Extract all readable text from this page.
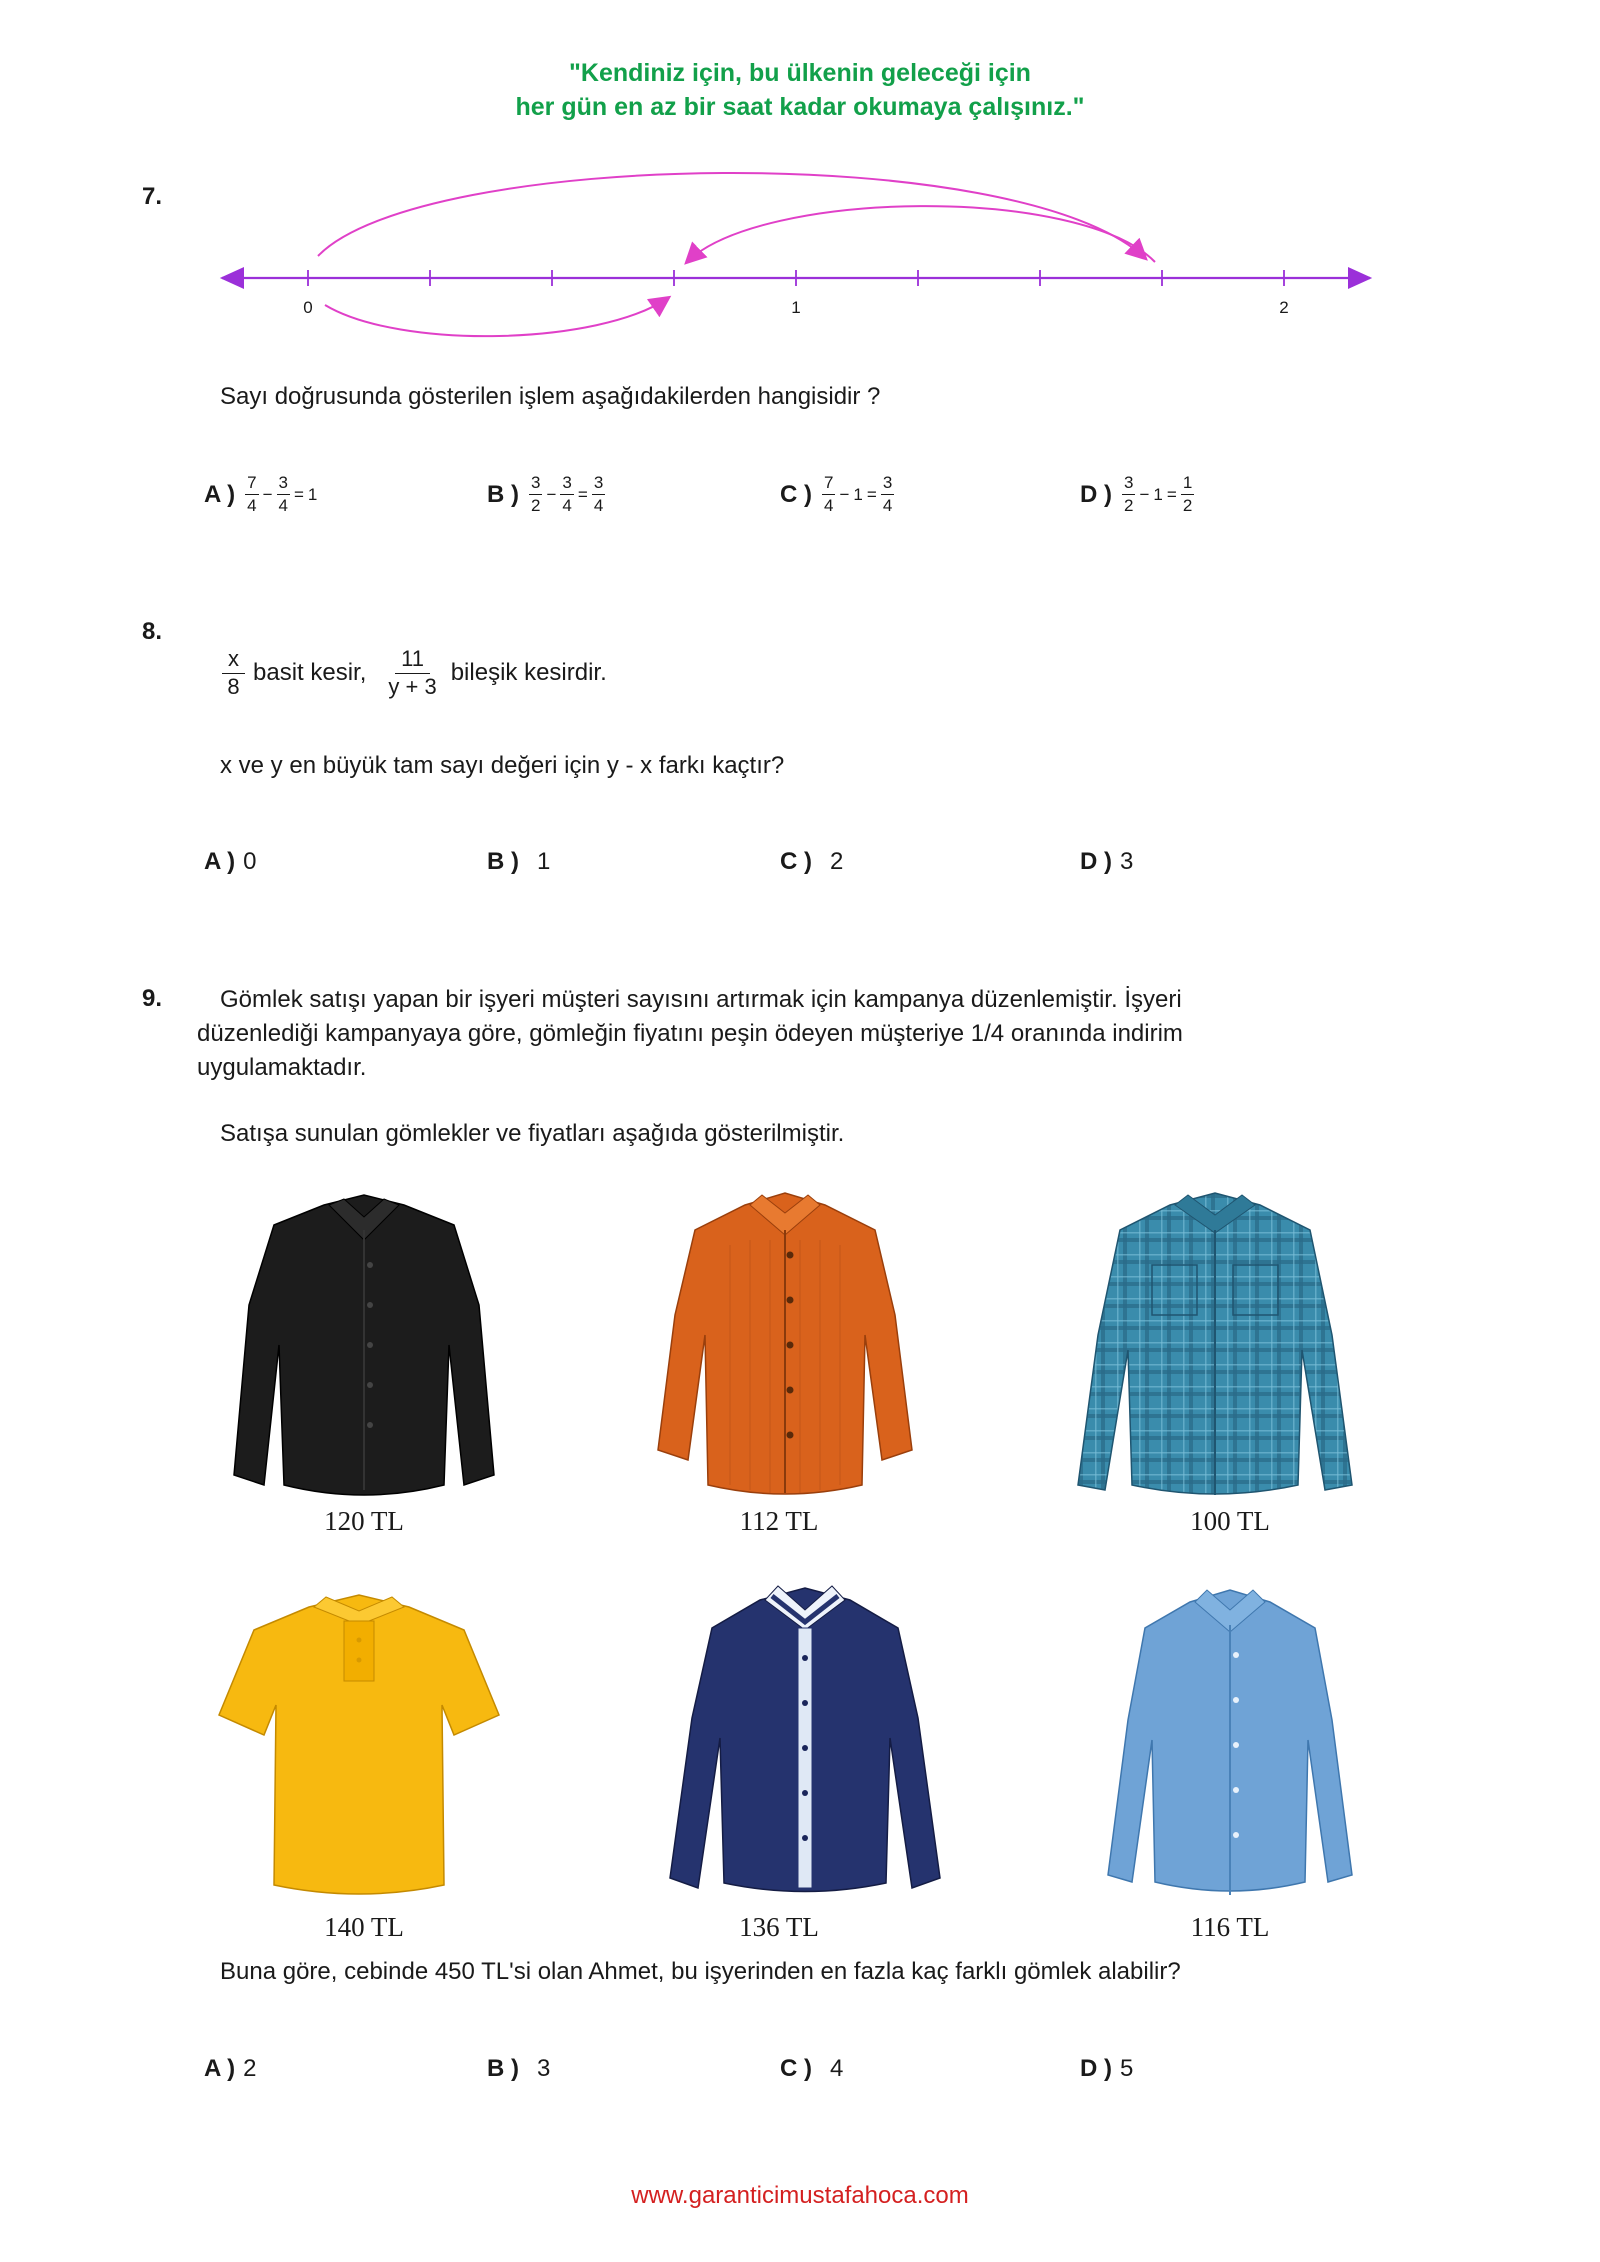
"Kendiniz için, bu ülkenin geleceği için
her gün en az bir saat kadar okumaya çalışınız."
7.
0	1	2
Sayı doğrusunda gösterilen işlem aşağıdakilerden hangisidir ?
A ) $\frac{7}{4} - \frac{3}{4} = 1$	B ) $\frac{3}{2} - \frac{3}{4} = \frac{3}{4}$	C ) $\frac{7}{4} - 1 = \frac{3}{4}$	D ) $\frac{3}{2} - 1 = \frac{1}{2}$
8.
$\frac{x}{8}$ basit kesir, $\frac{11}{y + 3}$ bileşik kesirdir.
x ve y en büyük tam sayı değeri için y - x farkı kaçtır?
A ) 0	B ) 1	C ) 2	D ) 3
9. Gömlek satışı yapan bir işyeri müşteri sayısını artırmak için kampanya düzenlemiştir. İşyeri
düzenlediği kampanyaya göre, gömleğin fiyatını peşin ödeyen müşteriye 1/4 oranında indirim
uygulamaktadır.
Satışa sunulan gömlekler ve fiyatları aşağıda gösterilmiştir.
120 TL	112 TL	100 TL
140 TL	136 TL	116 TL
Buna göre, cebinde 450 TL'si olan Ahmet, bu işyerinden en fazla kaç farklı gömlek alabilir?
A ) 2	B ) 3	C ) 4	D ) 5
www.garanticimustafahoca.com
